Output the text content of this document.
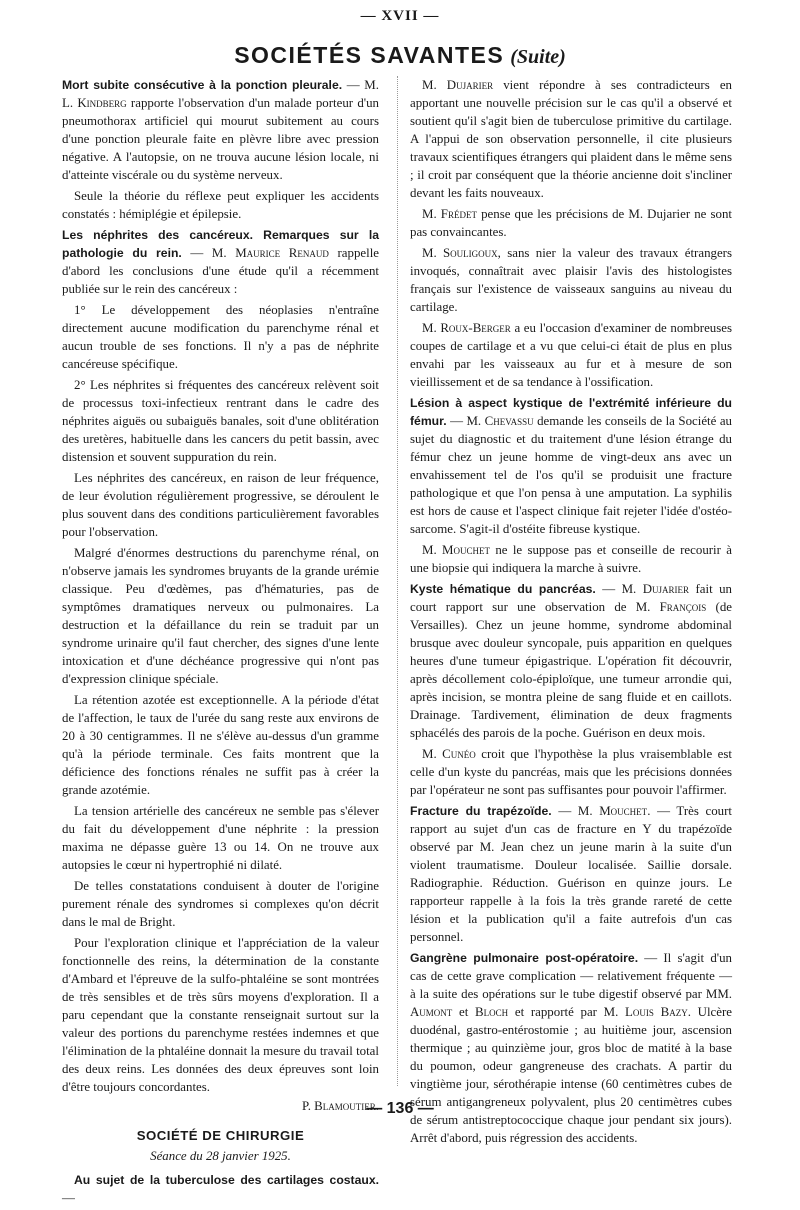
— XVII —
SOCIÉTÉS SAVANTES (Suite)

Mort subite consécutive à la ponction pleurale. — M. L. Kindberg rapporte l'observation d'un malade porteur d'un pneumothorax artificiel qui mourut subitement au cours d'une ponction pleurale faite en plèvre libre avec pression négative. A l'autopsie, on ne trouva aucune lésion locale, ni d'atteinte viscérale ou du système nerveux.

Seule la théorie du réflexe peut expliquer les accidents constatés : hémiplégie et épilepsie.

Les néphrites des cancéreux. Remarques sur la pathologie du rein. — M. Maurice Renaud rappelle d'abord les conclusions d'une étude qu'il a récemment publiée sur le rein des cancéreux :

1° Le développement des néoplasies n'entraîne directement aucune modification du parenchyme rénal et aucun trouble de ses fonctions. Il n'y a pas de néphrite cancéreuse spécifique.

2° Les néphrites si fréquentes des cancéreux relèvent soit de processus toxi-infectieux rentrant dans le cadre des néphrites aiguës ou subaiguës banales, soit d'une oblitération des uretères, habituelle dans les cancers du petit bassin, avec distension et souvent suppuration du rein.

Les néphrites des cancéreux, en raison de leur fréquence, de leur évolution régulièrement progressive, se déroulent le plus souvent dans des conditions particulièrement favorables pour l'observation.

Malgré d'énormes destructions du parenchyme rénal, on n'observe jamais les syndromes bruyants de la grande urémie classique. Peu d'œdèmes, pas d'hématuries, pas de symptômes dramatiques nerveux ou pulmonaires. La destruction et la défaillance du rein se traduit par un syndrome urinaire qu'il faut chercher, des signes d'une lente intoxication et d'une déchéance progressive qui n'ont pas d'expression clinique spéciale.

La rétention azotée est exceptionnelle. A la période d'état de l'affection, le taux de l'urée du sang reste aux environs de 20 à 30 centigrammes. Il ne s'élève au-dessus d'un gramme qu'à la période terminale. Ces faits montrent que la déficience des fonctions rénales ne suffit pas à créer la grande azotémie.

La tension artérielle des cancéreux ne semble pas s'élever du fait du développement d'une néphrite : la pression maxima ne dépasse guère 13 ou 14. On ne trouve aux autopsies le cœur ni hypertrophié ni dilaté.

De telles constatations conduisent à douter de l'origine purement rénale des syndromes si complexes qu'on décrit dans le mal de Bright.

Pour l'exploration clinique et l'appréciation de la valeur fonctionnelle des reins, la détermination de la constante d'Ambard et l'épreuve de la sulfo-phtaléine se sont montrées de très sensibles et de très sûrs moyens d'exploration. Il a paru cependant que la constante renseignait surtout sur la valeur des portions du parenchyme restées indemnes et que l'élimination de la phtaléine donnait la mesure du travail total des deux reins. Les données des deux épreuves sont loin d'être toujours concordantes.

P. Blamoutier.

SOCIÉTÉ DE CHIRURGIE

Séance du 28 janvier 1925.

Au sujet de la tuberculose des cartilages costaux. —

M. Dujarier vient répondre à ses contradicteurs en apportant une nouvelle précision sur le cas qu'il a observé et soutient qu'il s'agit bien de tuberculose primitive du cartilage. A l'appui de son observation personnelle, il cite plusieurs travaux scientifiques étrangers qui plaident dans le même sens ; il croit par conséquent que la théorie ancienne doit s'incliner devant les faits nouveaux.

M. Frédet pense que les précisions de M. Dujarier ne sont pas convaincantes.

M. Souligoux, sans nier la valeur des travaux étrangers invoqués, connaîtrait avec plaisir l'avis des histologistes français sur l'existence de vaisseaux sanguins au niveau du cartilage.

M. Roux-Berger a eu l'occasion d'examiner de nombreuses coupes de cartilage et a vu que celui-ci était de plus en plus envahi par les vaisseaux au fur et à mesure de son vieillissement et de sa tendance à l'ossification.

Lésion à aspect kystique de l'extrémité inférieure du fémur. — M. Chevassu demande les conseils de la Société au sujet du diagnostic et du traitement d'une lésion étrange du fémur chez un jeune homme de vingt-deux ans avec un envahissement tel de l'os qu'il se produisit une fracture pathologique et que l'on pensa à une amputation. La syphilis est hors de cause et l'aspect clinique fait rejeter l'idée d'ostéo-sarcome. S'agit-il d'ostéite fibreuse kystique.

M. Mouchet ne le suppose pas et conseille de recourir à une biopsie qui indiquera la marche à suivre.

Kyste hématique du pancréas. — M. Dujarier fait un court rapport sur une observation de M. François (de Versailles). Chez un jeune homme, syndrome abdominal brusque avec douleur syncopale, puis apparition en quelques heures d'une tumeur épigastrique. L'opération fit découvrir, après décollement colo-épiploïque, une tumeur arrondie qui, après incision, se montra pleine de sang fluide et en caillots. Drainage. Tardivement, élimination de deux fragments sphacélés des parois de la poche. Guérison en deux mois.

M. Cunéo croit que l'hypothèse la plus vraisemblable est celle d'un kyste du pancréas, mais que les précisions données par l'opérateur ne sont pas suffisantes pour pouvoir l'affirmer.

Fracture du trapézoïde. — M. Mouchet. — Très court rapport au sujet d'un cas de fracture en Y du trapézoïde observé par M. Jean chez un jeune marin à la suite d'un violent traumatisme. Douleur localisée. Saillie dorsale. Radiographie. Réduction. Guérison en quinze jours. Le rapporteur rappelle à la fois la très grande rareté de cette lésion et la publication qu'il a faite autrefois d'un cas personnel.

Gangrène pulmonaire post-opératoire. — Il s'agit d'un cas de cette grave complication — relativement fréquente — à la suite des opérations sur le tube digestif observé par MM. Aumont et Bloch et rapporté par M. Louis Bazy. Ulcère duodénal, gastro-entérostomie ; au huitième jour, ascension thermique ; au quinzième jour, gros bloc de matité à la base du poumon, odeur gangreneuse des crachats. A partir du vingtième jour, sérothérapie intense (60 centimètres cubes de sérum antigangreneux polyvalent, plus 20 centimètres cubes de sérum antistreptococcique chaque jour pendant six jours). Arrêt d'abord, puis régression des accidents.

— 136 —
